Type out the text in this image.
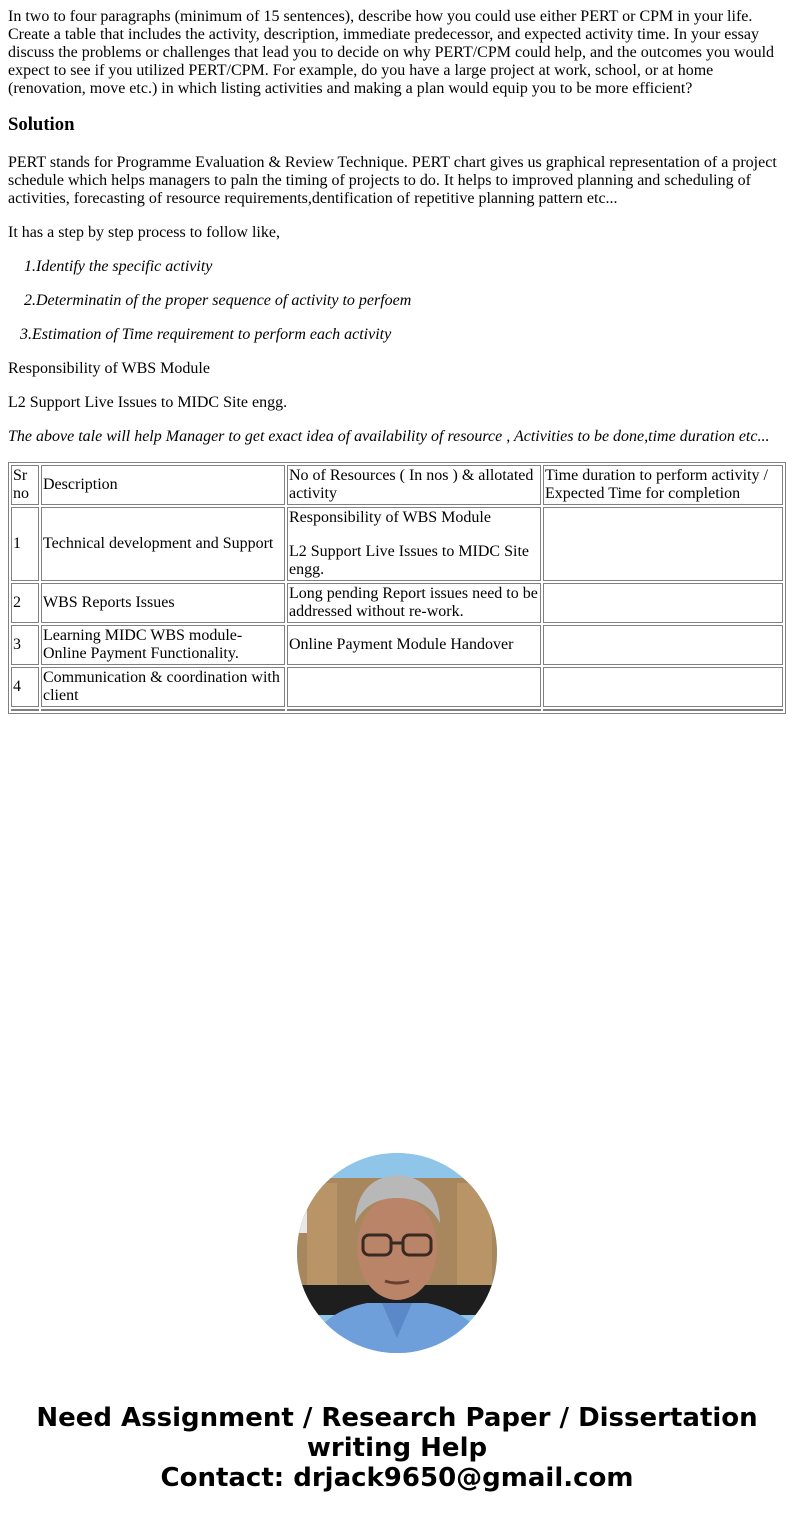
In two to four paragraphs (minimum of 15 sentences), describe how you could use either PERT or CPM in your life. Create a table that includes the activity, description, immediate predecessor, and expected activity time. In your essay discuss the problems or challenges that lead you to decide on why PERT/CPM could help, and the outcomes you would expect to see if you utilized PERT/CPM. For example, do you have a large project at work, school, or at home (renovation, move etc.) in which listing activities and making a plan would equip you to be more efficient?

Solution

PERT stands for Programme Evaluation & Review Technique. PERT chart gives us graphical representation of a project schedule which helps managers to paln the timing of projects to do. It helps to improved planning and scheduling of activities, forecasting of resource requirements,dentification of repetitive planning pattern etc...

It has a step by step process to follow like,

1.Identify the specific activity

2.Determinatin of the proper sequence of activity to perfoem

3.Estimation of Time requirement to perform each activity

Responsibility of WBS Module

L2 Support Live Issues to MIDC Site engg.

The above tale will help Manager to get exact idea of availability of resource , Activities to be done,time duration etc...

Sr no	Description	No of Resources ( In nos ) & allotated activity	Time duration to perform activity / Expected Time for completion
1	Technical development and Support	Responsibility of WBS Module

L2 Support Live Issues to MIDC Site engg.	

2	WBS Reports Issues	Long pending Report issues need to be addressed without re-work.	
3	Learning MIDC WBS module-Online Payment Functionality.	Online Payment Module Handover	
4	Communication & coordination with client		

Need Assignment / Research Paper / Dissertation
writing Help
Contact: drjack9650@gmail.com
